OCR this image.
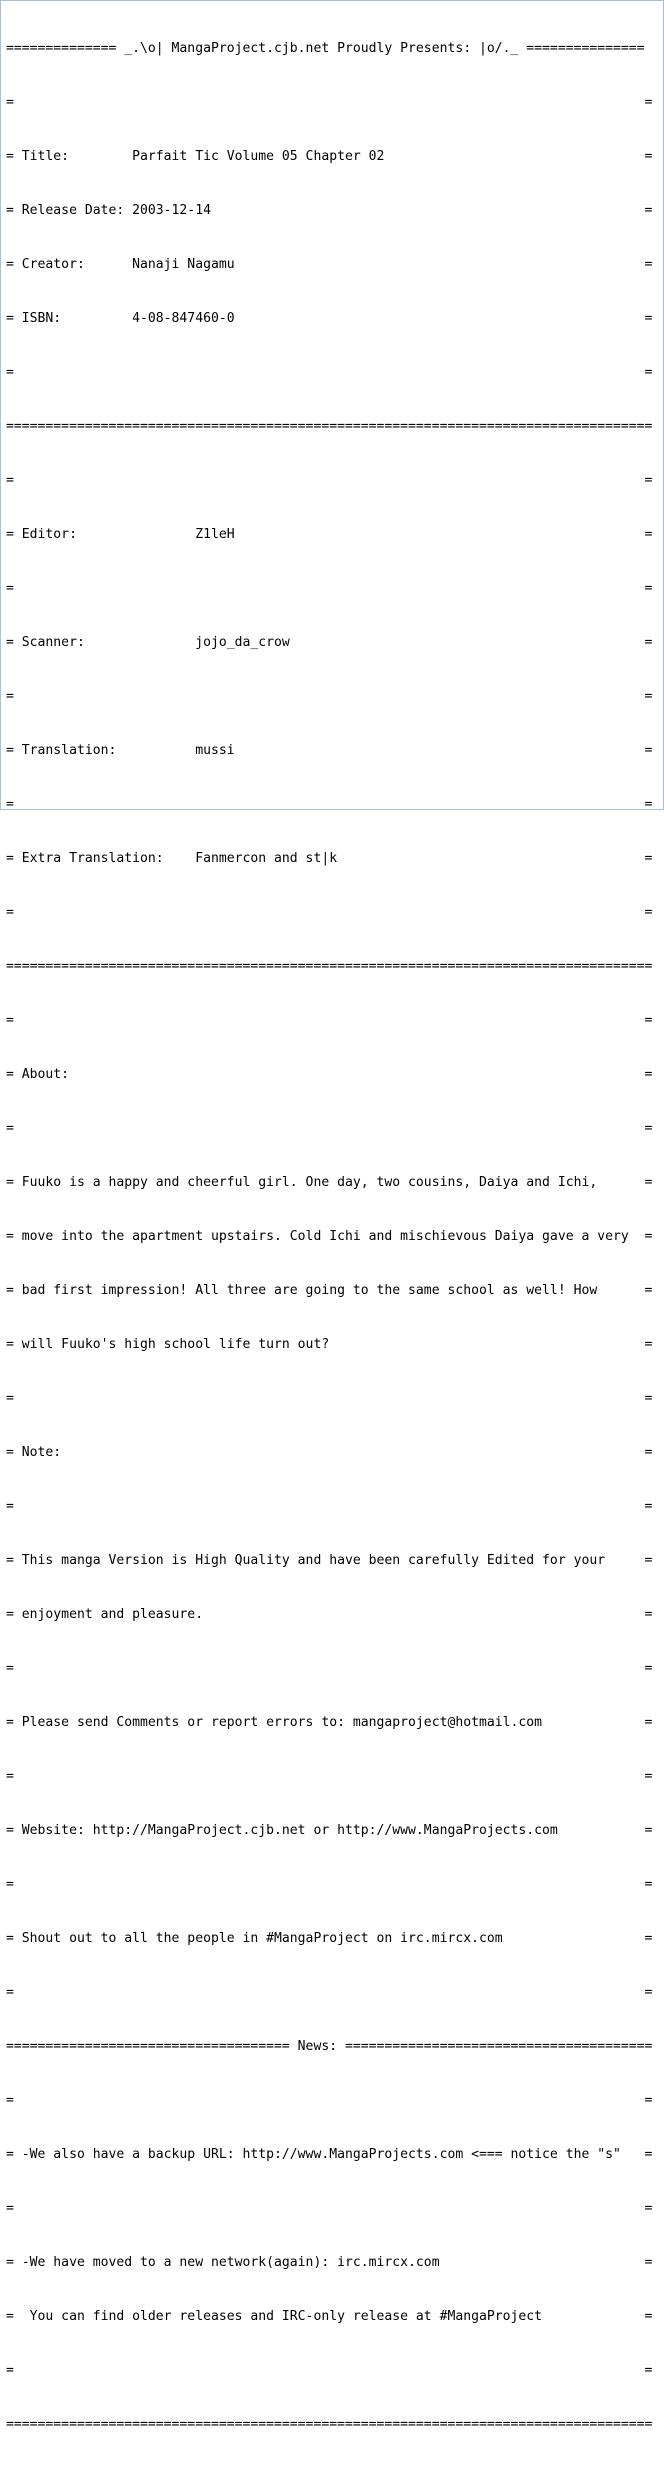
============== _.\o| MangaProject.cjb.net Proudly Presents: |o/._ ===============

=                                                                                =

= Title:        Parfait Tic Volume 05 Chapter 02                                 =

= Release Date: 2003-12-14                                                       =

= Creator:      Nanaji Nagamu                                                    =

= ISBN:         4-08-847460-0                                                    =

=                                                                                =

==================================================================================

=                                                                                =

= Editor:               Z1leH                                                    =

=                                                                                =

= Scanner:              jojo_da_crow                                             =

=                                                                                =

= Translation:          mussi                                                    =

=                                                                                =

= Extra Translation:    Fanmercon and st|k                                       =

=                                                                                =

==================================================================================

=                                                                                =

= About:                                                                         =

=                                                                                =

= Fuuko is a happy and cheerful girl. One day, two cousins, Daiya and Ichi,      =

= move into the apartment upstairs. Cold Ichi and mischievous Daiya gave a very  =

= bad first impression! All three are going to the same school as well! How      =

= will Fuuko's high school life turn out?                                        =

=                                                                                =

= Note:                                                                          =

=                                                                                =

= This manga Version is High Quality and have been carefully Edited for your     =

= enjoyment and pleasure.                                                        =

=                                                                                =

= Please send Comments or report errors to: mangaproject@hotmail.com             =

=                                                                                =

= Website: http://MangaProject.cjb.net or http://www.MangaProjects.com           =

=                                                                                =

= Shout out to all the people in #MangaProject on irc.mircx.com                  =

=                                                                                =

==================================== News: =======================================

=                                                                                =

= -We also have a backup URL: http://www.MangaProjects.com <=== notice the "s"   =

=                                                                                =

= -We have moved to a new network(again): irc.mircx.com                          =

=  You can find older releases and IRC-only release at #MangaProject             =

=                                                                                =

==================================================================================
